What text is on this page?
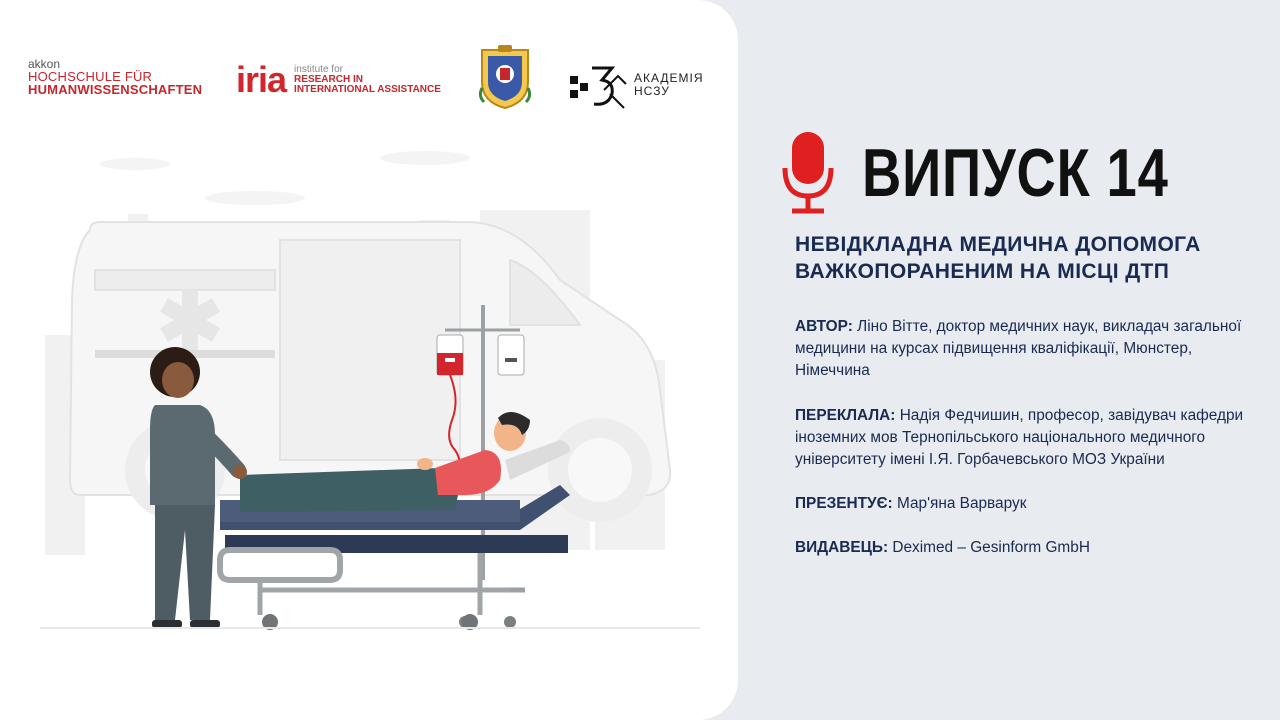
akkon
HOCHSCHULE FÜR
HUMANWISSENSCHAFTEN iria institute for
RESEARCH IN
INTERNATIONAL ASSISTANCE
АКАДЕМІЯ
НСЗУ
ВИПУСК 14
НЕВІДКЛАДНА МЕДИЧНА ДОПОМОГА ВАЖКОПОРАНЕНИМ НА МІСЦІ ДТП
АВТОР: Ліно Вітте, доктор медичних наук, викладач загальної медицини на курсах підвищення кваліфікації, Мюнстер, Німеччина
ПЕРЕКЛАЛА: Надія Федчишин, професор, завідувач кафедри іноземних мов Тернопільського національного медичного університету імені І.Я. Горбачевського МОЗ України
ПРЕЗЕНТУЄ: Мар'яна Варварук
ВИДАВЕЦЬ: Deximed – Gesinform GmbH
